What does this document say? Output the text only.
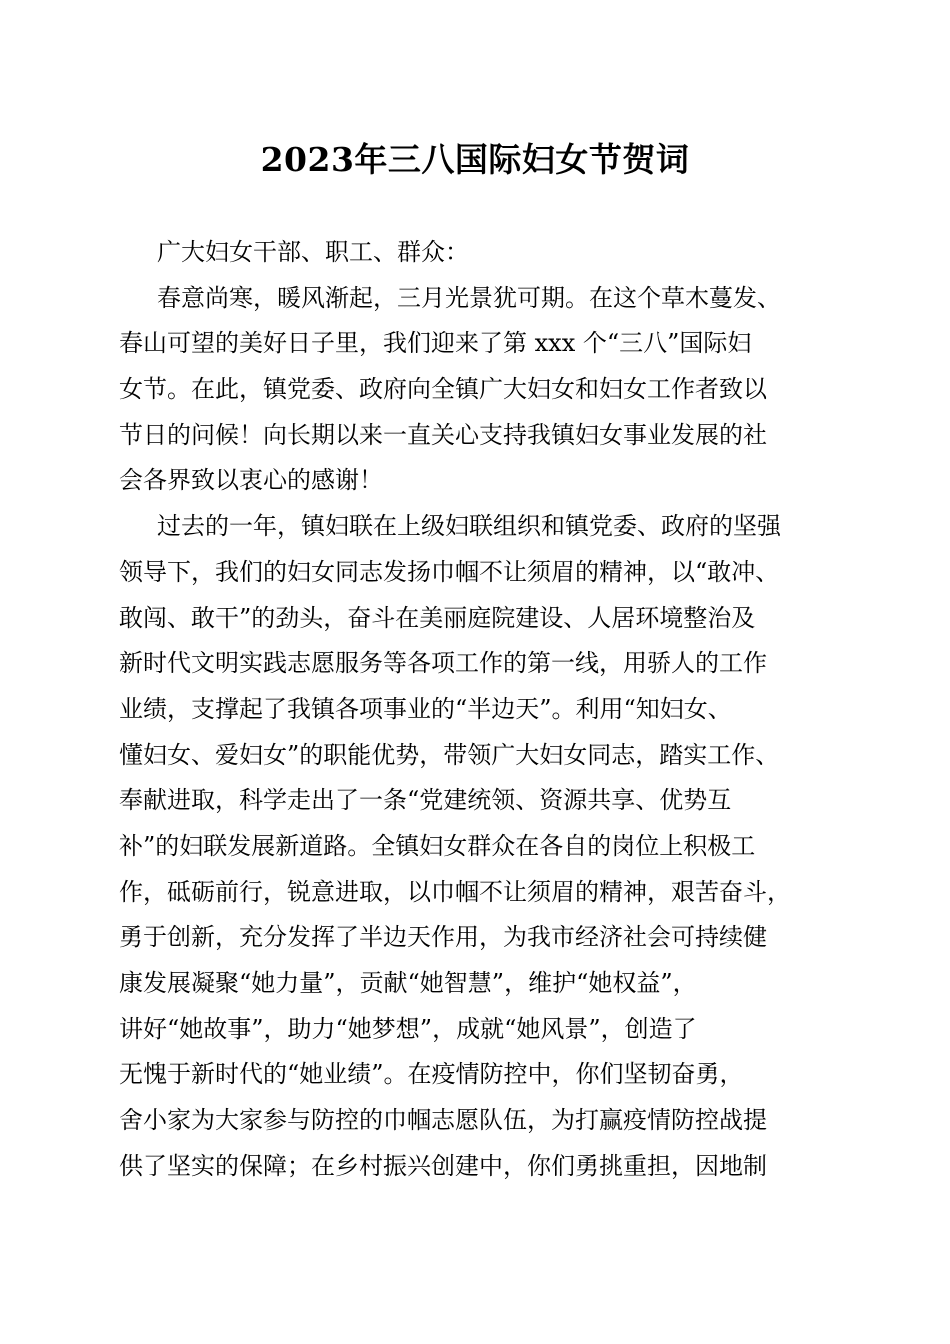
2023年三八国际妇女节贺词
广大妇女干部、职工、群众：
春意尚寒，暖风渐起，三月光景犹可期。在这个草木蔓发、
春山可望的美好日子里，我们迎来了第 xxx 个“三八”国际妇
女节。在此，镇党委、政府向全镇广大妇女和妇女工作者致以
节日的问候！向长期以来一直关心支持我镇妇女事业发展的社
会各界致以衷心的感谢！
过去的一年，镇妇联在上级妇联组织和镇党委、政府的坚强
领导下，我们的妇女同志发扬巾帼不让须眉的精神，以“敢冲、
敢闯、敢干”的劲头，奋斗在美丽庭院建设、人居环境整治及
新时代文明实践志愿服务等各项工作的第一线，用骄人的工作
业绩，支撑起了我镇各项事业的“半边天”。利用“知妇女、
懂妇女、爱妇女”的职能优势，带领广大妇女同志，踏实工作、
奉献进取，科学走出了一条“党建统领、资源共享、优势互
补”的妇联发展新道路。全镇妇女群众在各自的岗位上积极工
作，砥砺前行，锐意进取，以巾帼不让须眉的精神，艰苦奋斗，
勇于创新，充分发挥了半边天作用，为我市经济社会可持续健
康发展凝聚“她力量”，贡献“她智慧”，维护“她权益”，
讲好“她故事”，助力“她梦想”，成就“她风景”，创造了
无愧于新时代的“她业绩”。在疫情防控中，你们坚韧奋勇，
舍小家为大家参与防控的巾帼志愿队伍，为打赢疫情防控战提
供了坚实的保障；在乡村振兴创建中，你们勇挑重担，因地制
